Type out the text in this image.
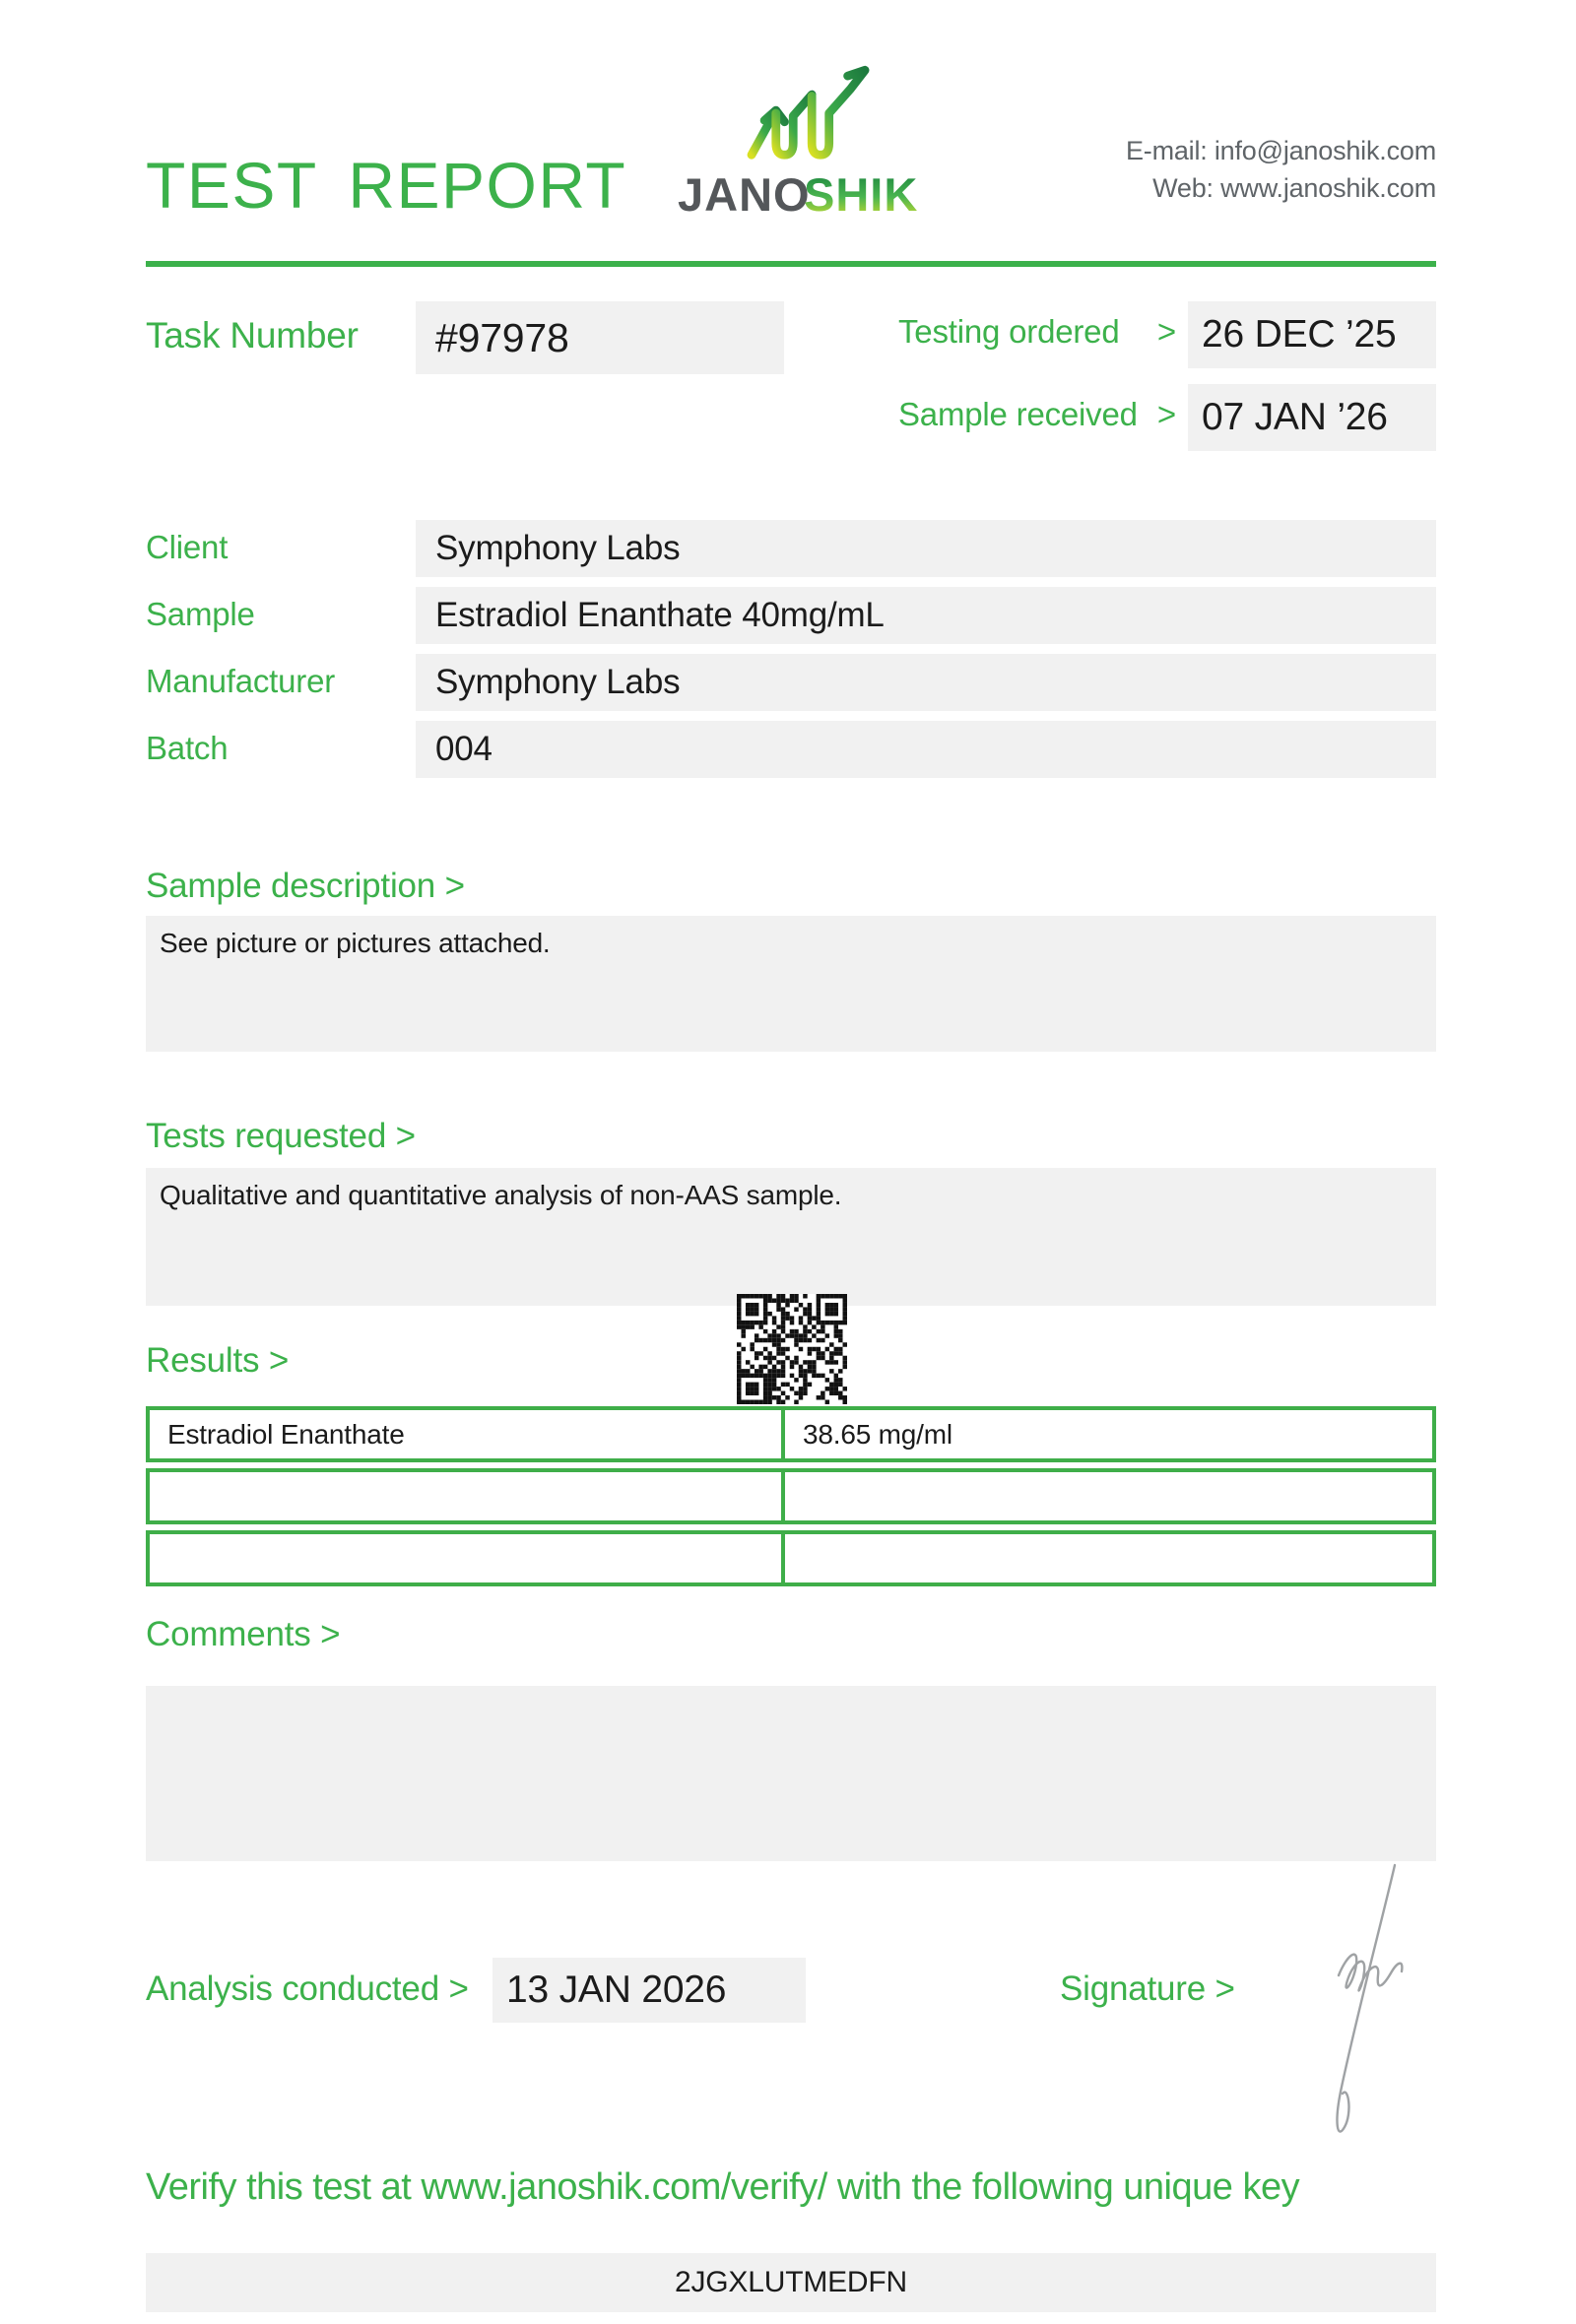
TEST REPORT JANO
SHIK
E-mail: info@janoshik.com
Web: www.janoshik.com
Task Number	#97978	Testing ordered > 26 DEC ’25
Sample received > 07 JAN ’26
Client	Symphony Labs
Sample	Estradiol Enanthate 40mg/mL
Manufacturer	Symphony Labs
Batch	004
Sample description >
See picture or pictures attached.
Tests requested >
Qualitative and quantitative analysis of non-AAS sample.
Results >
Estradiol Enanthate	38.65 mg/ml
Comments >
Analysis conducted > 13 JAN 2026	Signature >
Verify this test at www.janoshik.com/verify/ with the following unique key
2JGXLUTMEDFN
